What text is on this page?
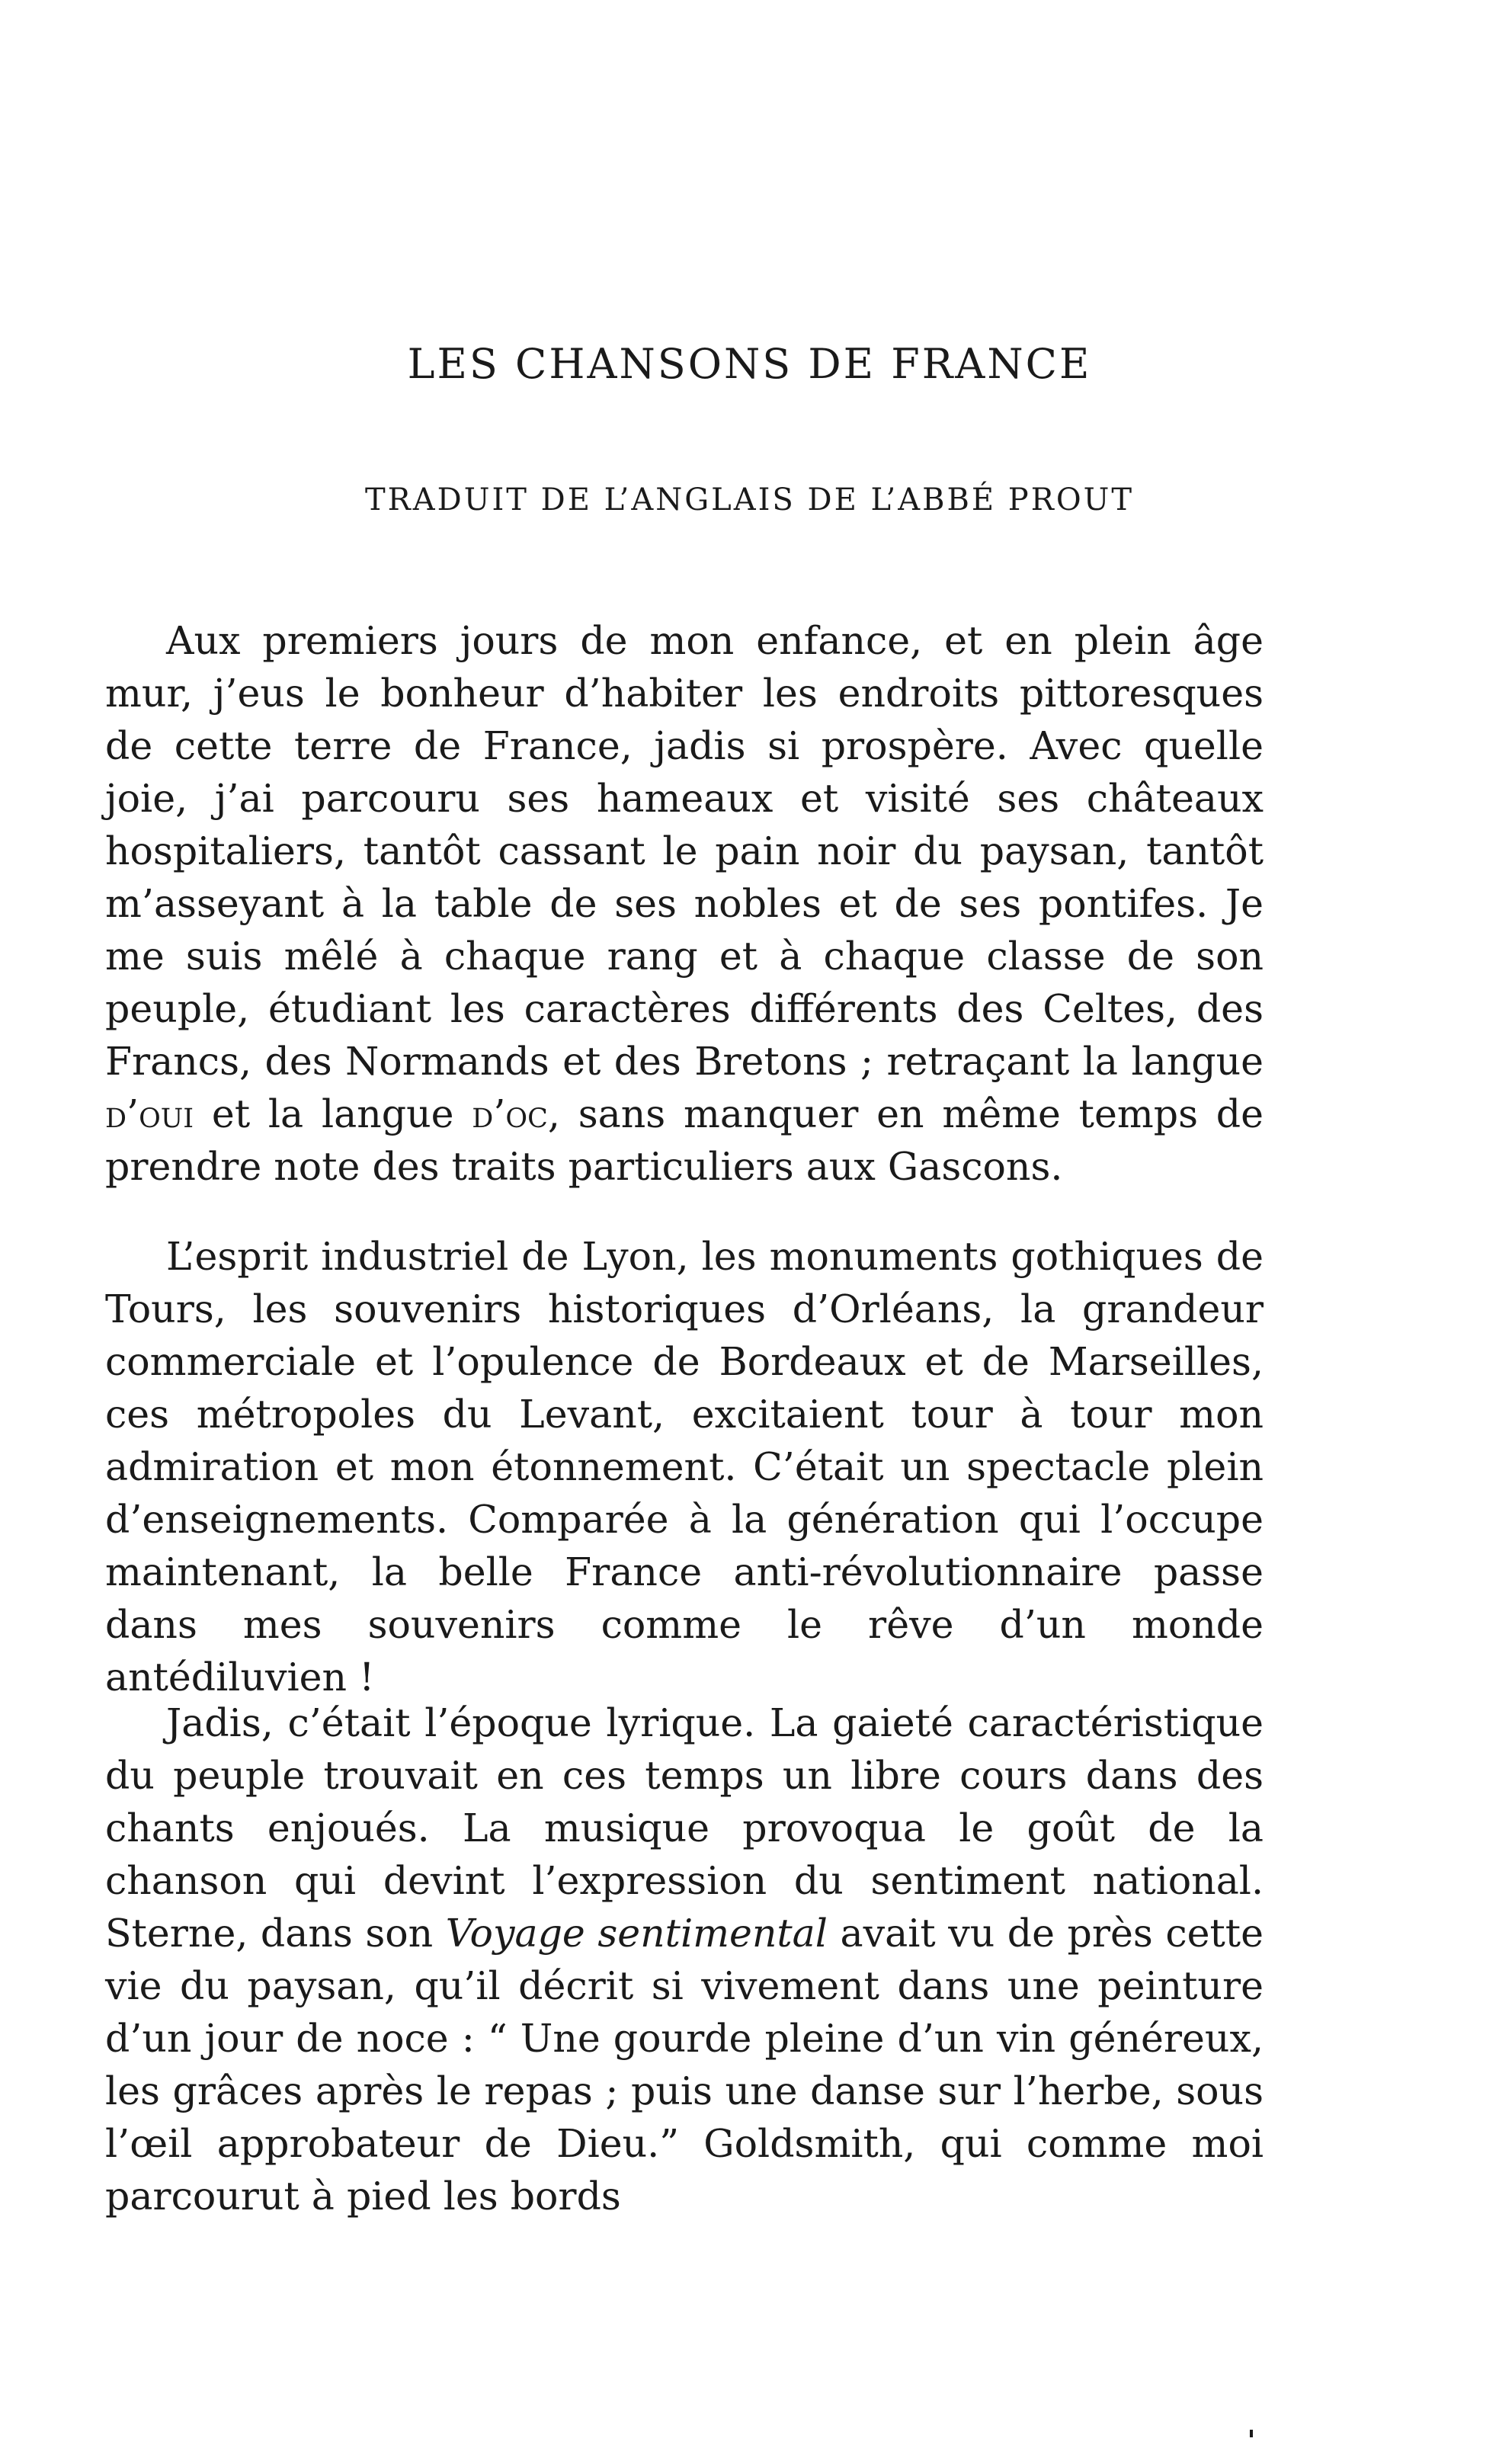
LES CHANSONS DE FRANCE
TRADUIT DE L’ANGLAIS DE L’ABBÉ PROUT

Aux premiers jours de mon enfance, et en plein âge mur, j’eus le bonheur d’habiter les endroits pittoresques de cette terre de France, jadis si prospère. Avec quelle joie, j’ai parcouru ses hameaux et visité ses châteaux hospitaliers, tantôt cassant le pain noir du paysan, tantôt m’asseyant à la table de ses nobles et de ses pontifes. Je me suis mêlé à chaque rang et à chaque classe de son peuple, étudiant les caractères différents des Celtes, des Francs, des Normands et des Bretons ; retraçant la langue d’oui et la langue d’oc, sans manquer en même temps de prendre note des traits particuliers aux Gascons.

L’esprit industriel de Lyon, les monuments gothiques de Tours, les souvenirs historiques d’Orléans, la grandeur commerciale et l’opulence de Bordeaux et de Marseilles, ces métropoles du Levant, excitaient tour à tour mon admiration et mon étonnement. C’était un spectacle plein d’enseignements. Comparée à la génération qui l’occupe maintenant, la belle France anti-révolutionnaire passe dans mes souvenirs comme le rêve d’un monde antédiluvien !

Jadis, c’était l’époque lyrique. La gaieté caractéristique du peuple trouvait en ces temps un libre cours dans des chants enjoués. La musique provoqua le goût de la chanson qui devint l’expression du sentiment national. Sterne, dans son Voyage sentimental avait vu de près cette vie du paysan, qu’il décrit si vivement dans une peinture d’un jour de noce : “ Une gourde pleine d’un vin généreux, les grâces après le repas ; puis une danse sur l’herbe, sous l’œil approbateur de Dieu.” Goldsmith, qui comme moi parcourut à pied les bords
